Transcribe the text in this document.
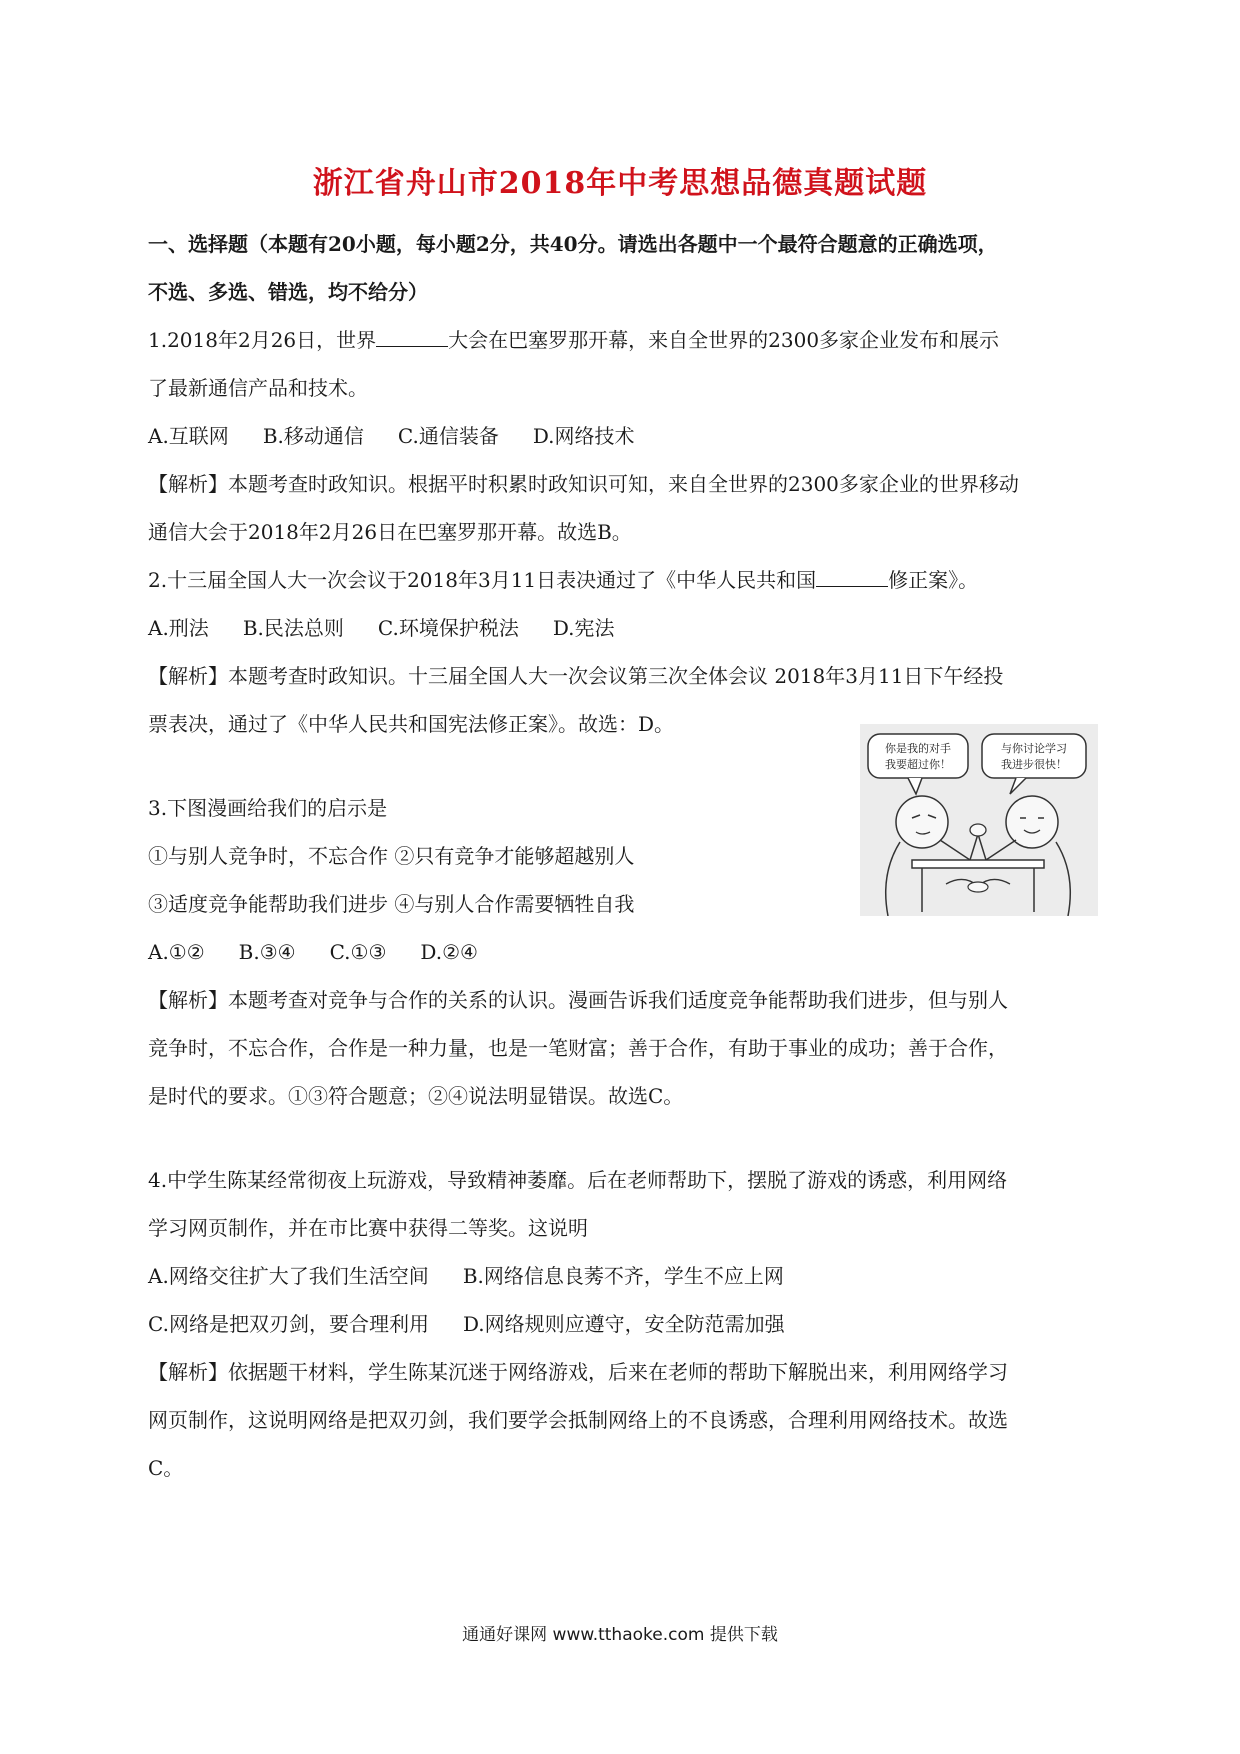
浙江省舟山市2018年中考思想品德真题试题

一、选择题（本题有20小题，每小题2分，共40分。请选出各题中一个最符合题意的正确选项，

不选、多选、错选，均不给分）

1.2018年2月26日，世界	大会在巴塞罗那开幕，来自全世界的2300多家企业发布和展示

了最新通信产品和技术。

A.互联网 B.移动通信 C.通信装备 D.网络技术

【解析】本题考查时政知识。根据平时积累时政知识可知，来自全世界的2300多家企业的世界移动

通信大会于2018年2月26日在巴塞罗那开幕。故选B。

2.十三届全国人大一次会议于2018年3月11日表决通过了《中华人民共和国	修正案》。

A.刑法 B.民法总则 C.环境保护税法 D.宪法

【解析】本题考查时政知识。十三届全国人大一次会议第三次全体会议 2018年3月11日下午经投

票表决，通过了《中华人民共和国宪法修正案》。故选：D。

你是我的对手
我要超过你！
与你讨论学习
我进步很快！

3.下图漫画给我们的启示是

①与别人竞争时，不忘合作 ②只有竞争才能够超越别人

③适度竞争能帮助我们进步 ④与别人合作需要牺牲自我

A.①② B.③④ C.①③ D.②④

【解析】本题考查对竞争与合作的关系的认识。漫画告诉我们适度竞争能帮助我们进步，但与别人

竞争时，不忘合作，合作是一种力量，也是一笔财富；善于合作，有助于事业的成功；善于合作，

是时代的要求。①③符合题意；②④说法明显错误。故选C。

4.中学生陈某经常彻夜上玩游戏，导致精神萎靡。后在老师帮助下，摆脱了游戏的诱惑，利用网络

学习网页制作，并在市比赛中获得二等奖。这说明

A.网络交往扩大了我们生活空间 B.网络信息良莠不齐，学生不应上网

C.网络是把双刃剑，要合理利用 D.网络规则应遵守，安全防范需加强

【解析】依据题干材料，学生陈某沉迷于网络游戏，后来在老师的帮助下解脱出来，利用网络学习

网页制作，这说明网络是把双刃剑，我们要学会抵制网络上的不良诱惑，合理利用网络技术。故选

C。

通通好课网 www.tthaoke.com 提供下载
